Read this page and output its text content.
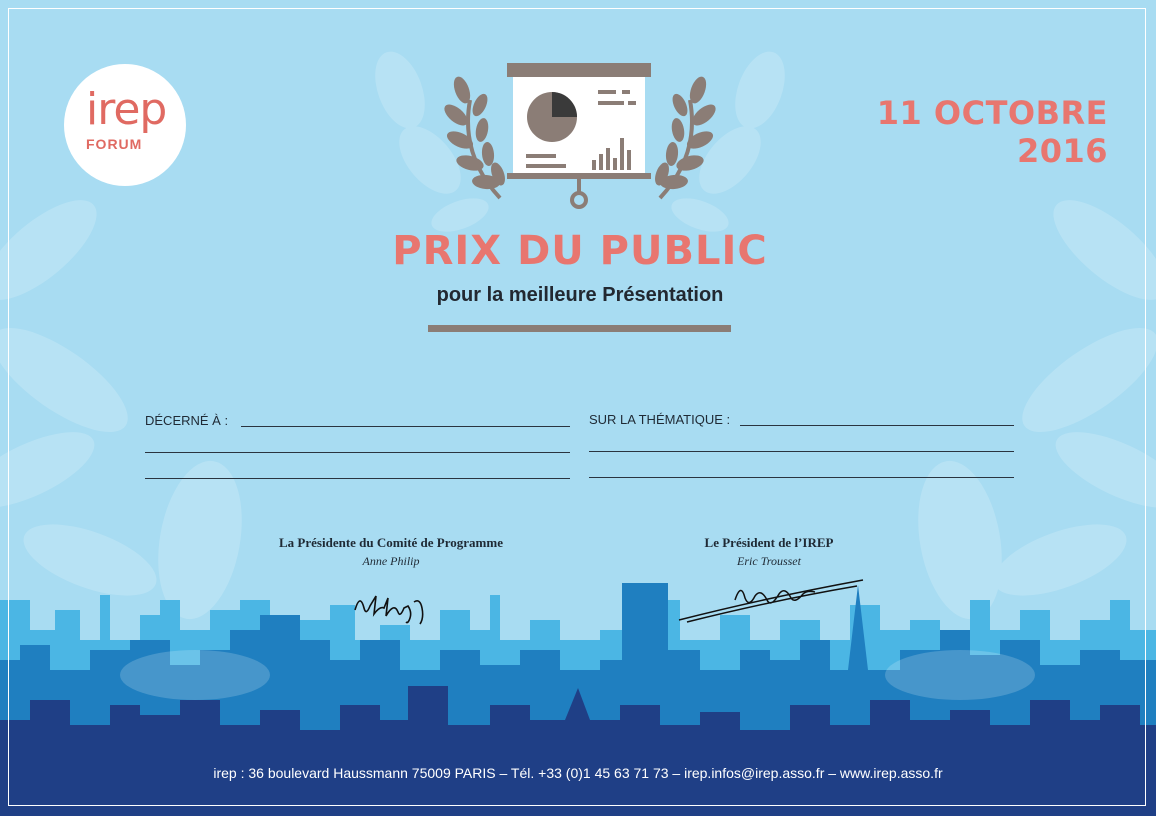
irep
FORUM
11 OCTOBRE 2016
PRIX DU PUBLIC
pour la meilleure Présentation
DÉCERNÉ À :	SUR LA THÉMATIQUE :
La Présidente du Comité de Programme
Anne Philip
Le Président de l’IREP
Eric Trousset
irep : 36 boulevard Haussmann 75009 PARIS – Tél. +33 (0)1 45 63 71 73 – irep.infos@irep.asso.fr – www.irep.asso.fr
